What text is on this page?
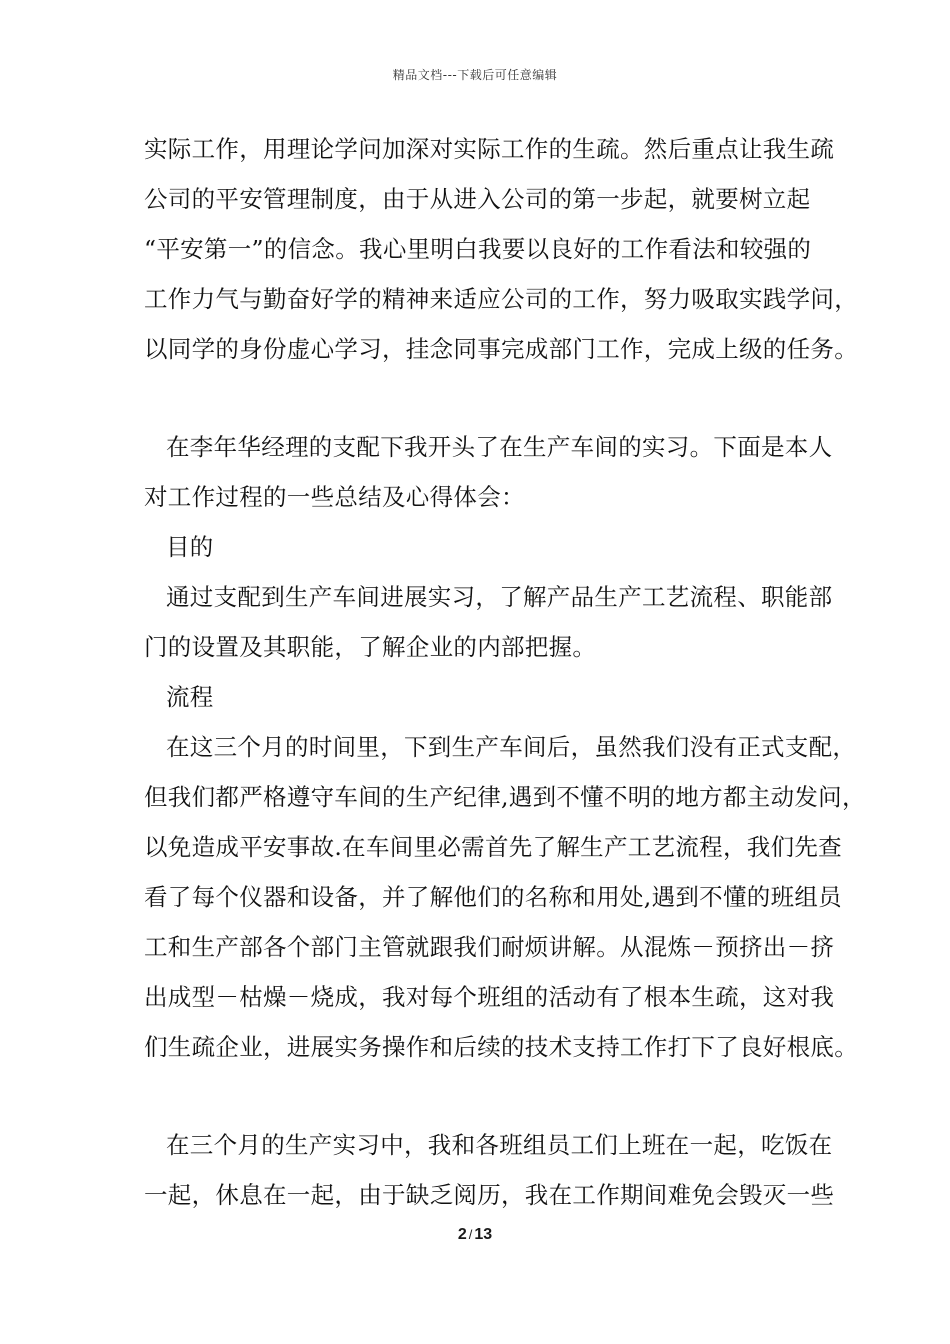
精品文档---下载后可任意编辑
实际工作，用理论学问加深对实际工作的生疏。然后重点让我生疏
公司的平安管理制度，由于从进入公司的第一步起，就要树立起
“平安第一”的信念。我心里明白我要以良好的工作看法和较强的
工作力气与勤奋好学的精神来适应公司的工作，努力吸取实践学问，
以同学的身份虚心学习，挂念同事完成部门工作，完成上级的任务。
在李年华经理的支配下我开头了在生产车间的实习。下面是本人
对工作过程的一些总结及心得体会：
目的
通过支配到生产车间进展实习，了解产品生产工艺流程、职能部
门的设置及其职能，了解企业的内部把握。
流程
在这三个月的时间里，下到生产车间后，虽然我们没有正式支配，
但我们都严格遵守车间的生产纪律,遇到不懂不明的地方都主动发问，
以免造成平安事故.在车间里必需首先了解生产工艺流程，我们先查
看了每个仪器和设备，并了解他们的名称和用处,遇到不懂的班组员
工和生产部各个部门主管就跟我们耐烦讲解。从混炼－预挤出－挤
出成型－枯燥－烧成，我对每个班组的活动有了根本生疏，这对我
们生疏企业，进展实务操作和后续的技术支持工作打下了良好根底。
在三个月的生产实习中，我和各班组员工们上班在一起，吃饭在
一起，休息在一起，由于缺乏阅历，我在工作期间难免会毁灭一些
2 / 13
